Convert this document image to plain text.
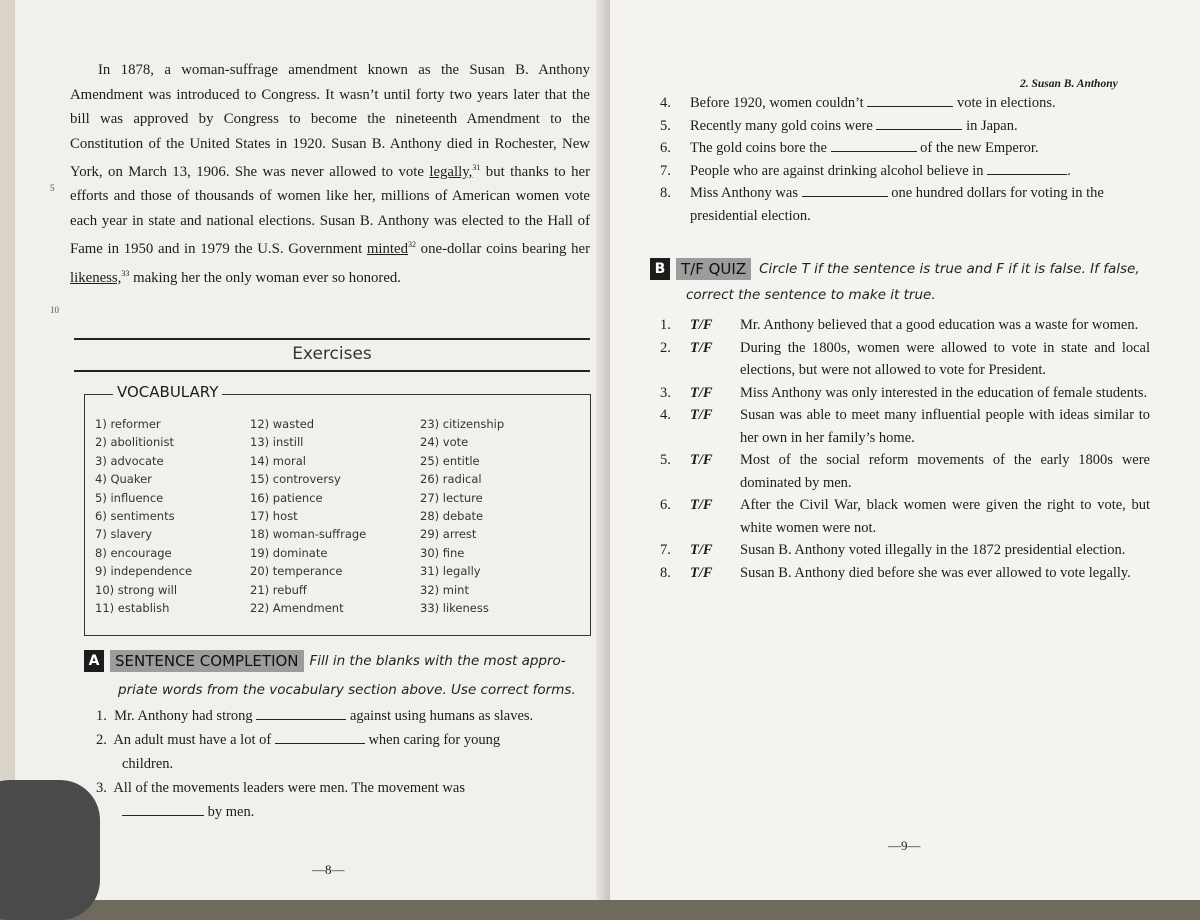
5
10

In 1878, a woman-suffrage amendment known as the Susan B. Anthony Amendment was introduced to Congress. It wasn’t until forty two years later that the bill was approved by Congress to become the nineteenth Amendment to the Constitution of the United States in 1920. Susan B. Anthony died in Rochester, New York, on March 13, 1906. She was never allowed to vote legally,$^{31}$ but thanks to her efforts and those of thousands of women like her, millions of American women vote each year in state and national elections. Susan B. Anthony was elected to the Hall of Fame in 1950 and in 1979 the U.S. Government minted$^{32}$ one-dollar coins bearing her likeness,$^{33}$ making her the only woman ever so honored.

Exercises
VOCABULARY
1) reformer
2) abolitionist
3) advocate
4) Quaker
5) influence
6) sentiments
7) slavery
8) encourage
9) independence
10) strong will
11) establish
12) wasted
13) instill
14) moral
15) controversy
16) patience
17) host
18) woman-suffrage
19) dominate
20) temperance
21) rebuff
22) Amendment
23) citizenship
24) vote
25) entitle
26) radical
27) lecture
28) debate
29) arrest
30) fine
31) legally
32) mint
33) likeness
A	SENTENCE COMPLETION Fill in the blanks with the most appro-
priate words from the vocabulary section above. Use correct forms.
1. Mr. Anthony had strong	against using humans as slaves.
2. An adult must have a lot of	when caring for young
children.
3. All of the movements leaders were men. The movement was
by men.
—8—
2. Susan B. Anthony
4. Before 1920, women couldn’t	vote in elections.
5. Recently many gold coins were	in Japan.
6. The gold coins bore the	of the new Emperor.
7. People who are against drinking alcohol believe in	.
8. Miss Anthony was	one hundred dollars for voting in the
presidential election.
B	T/F QUIZ Circle T if the sentence is true and F if it is false. If false,
correct the sentence to make it true.
1. T/F Mr. Anthony believed that a good education was a waste for women.
2. T/F During the 1800s, women were allowed to vote in state and local elections, but were not allowed to vote for President.
3. T/F Miss Anthony was only interested in the education of female students.
4. T/F Susan was able to meet many influential people with ideas similar to her own in her family’s home.
5. T/F Most of the social reform movements of the early 1800s were dominated by men.
6. T/F After the Civil War, black women were given the right to vote, but white women were not.
7. T/F Susan B. Anthony voted illegally in the 1872 presidential election.
8. T/F Susan B. Anthony died before she was ever allowed to vote legally.
—9—
